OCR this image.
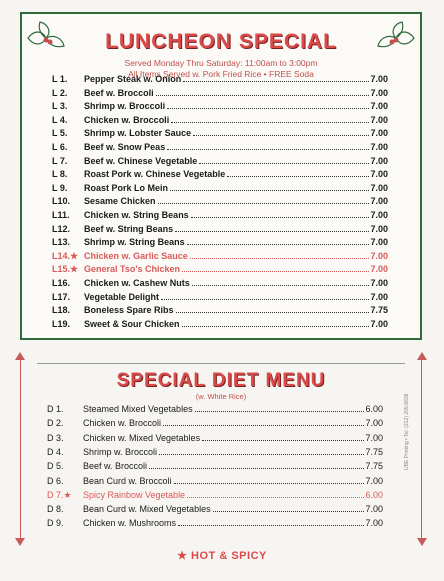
LUNCHEON SPECIAL
Served Monday Thru Saturday: 11:00am to 3:00pm
All Items Served w. Pork Fried Rice • FREE Soda
L 1.	Pepper Steak w. Onion	7.00
L 2.	Beef w. Broccoli	7.00
L 3.	Shrimp w. Broccoli	7.00
L 4.	Chicken w. Broccoli	7.00
L 5.	Shrimp w. Lobster Sauce	7.00
L 6.	Beef w. Snow Peas	7.00
L 7.	Beef w. Chinese Vegetable	7.00
L 8.	Roast Pork w. Chinese Vegetable	7.00
L 9.	Roast Pork Lo Mein	7.00
L10.	Sesame Chicken	7.00
L11.	Chicken w. String Beans	7.00
L12.	Beef w. String Beans	7.00
L13.	Shrimp w. String Beans	7.00
L14.★ Chicken w. Garlic Sauce	7.00
L15.★ General Tso's Chicken	7.00
L16.	Chicken w. Cashew Nuts	7.00
L17.	Vegetable Delight	7.00
L18.	Boneless Spare Ribs	7.75
L19.	Sweet & Sour Chicken	7.00
SPECIAL DIET MENU
(w. White Rice)
D 1.	Steamed Mixed Vegetables	6.00
D 2.	Chicken w. Broccoli	7.00
D 3.	Chicken w. Mixed Vegetables	7.00
D 4.	Shrimp w. Broccoli	7.75
D 5.	Beef w. Broccoli	7.75
D 6.	Bean Curd w. Broccoli	7.00
D 7.★	Spicy Rainbow Vegetable	6.00
D 8.	Bean Curd w. Mixed Vegetables	7.00
D 9.	Chicken w. Mushrooms	7.00
★ HOT & SPICY
UBE Printing • Tel: (212) 205-8838
